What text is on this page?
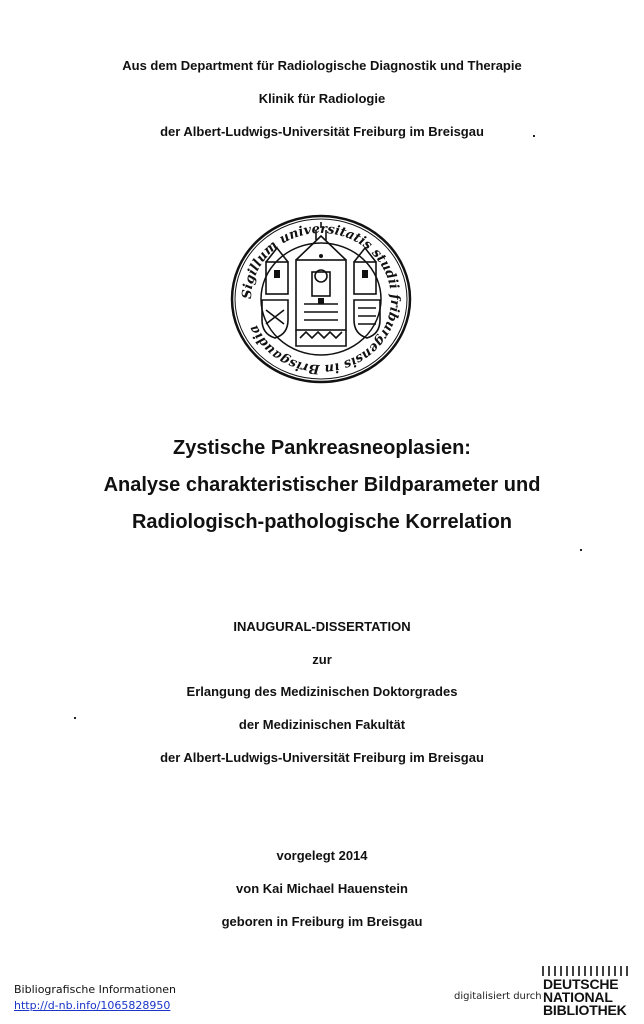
Aus dem Department für Radiologische Diagnostik und Therapie
Klinik für Radiologie
der Albert-Ludwigs-Universität Freiburg im Breisgau
Sigillum universitatis studii friburgensis in Brisgaudia
Zystische Pankreasneoplasien:
Analyse charakteristischer Bildparameter und
Radiologisch-pathologische Korrelation
INAUGURAL-DISSERTATION
zur
Erlangung des Medizinischen Doktorgrades
der Medizinischen Fakultät
der Albert-Ludwigs-Universität Freiburg im Breisgau
vorgelegt 2014
von Kai Michael Hauenstein
geboren in Freiburg im Breisgau
Bibliografische Informationen
http://d-nb.info/1065828950
digitalisiert durch
DEUTSCHE
NATIONAL
BIBLIOTHEK
